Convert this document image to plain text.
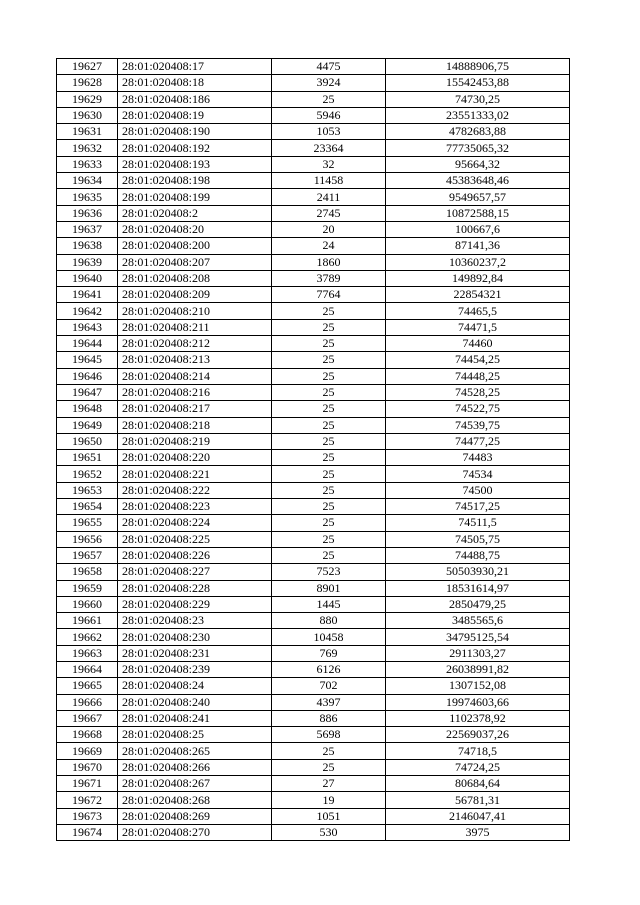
19627	28:01:020408:17	4475	14888906,75
19628	28:01:020408:18	3924	15542453,88
19629	28:01:020408:186	25	74730,25
19630	28:01:020408:19	5946	23551333,02
19631	28:01:020408:190	1053	4782683,88
19632	28:01:020408:192	23364	77735065,32
19633	28:01:020408:193	32	95664,32
19634	28:01:020408:198	11458	45383648,46
19635	28:01:020408:199	2411	9549657,57
19636	28:01:020408:2	2745	10872588,15
19637	28:01:020408:20	20	100667,6
19638	28:01:020408:200	24	87141,36
19639	28:01:020408:207	1860	10360237,2
19640	28:01:020408:208	3789	149892,84
19641	28:01:020408:209	7764	22854321
19642	28:01:020408:210	25	74465,5
19643	28:01:020408:211	25	74471,5
19644	28:01:020408:212	25	74460
19645	28:01:020408:213	25	74454,25
19646	28:01:020408:214	25	74448,25
19647	28:01:020408:216	25	74528,25
19648	28:01:020408:217	25	74522,75
19649	28:01:020408:218	25	74539,75
19650	28:01:020408:219	25	74477,25
19651	28:01:020408:220	25	74483
19652	28:01:020408:221	25	74534
19653	28:01:020408:222	25	74500
19654	28:01:020408:223	25	74517,25
19655	28:01:020408:224	25	74511,5
19656	28:01:020408:225	25	74505,75
19657	28:01:020408:226	25	74488,75
19658	28:01:020408:227	7523	50503930,21
19659	28:01:020408:228	8901	18531614,97
19660	28:01:020408:229	1445	2850479,25
19661	28:01:020408:23	880	3485565,6
19662	28:01:020408:230	10458	34795125,54
19663	28:01:020408:231	769	2911303,27
19664	28:01:020408:239	6126	26038991,82
19665	28:01:020408:24	702	1307152,08
19666	28:01:020408:240	4397	19974603,66
19667	28:01:020408:241	886	1102378,92
19668	28:01:020408:25	5698	22569037,26
19669	28:01:020408:265	25	74718,5
19670	28:01:020408:266	25	74724,25
19671	28:01:020408:267	27	80684,64
19672	28:01:020408:268	19	56781,31
19673	28:01:020408:269	1051	2146047,41
19674	28:01:020408:270	530	3975
